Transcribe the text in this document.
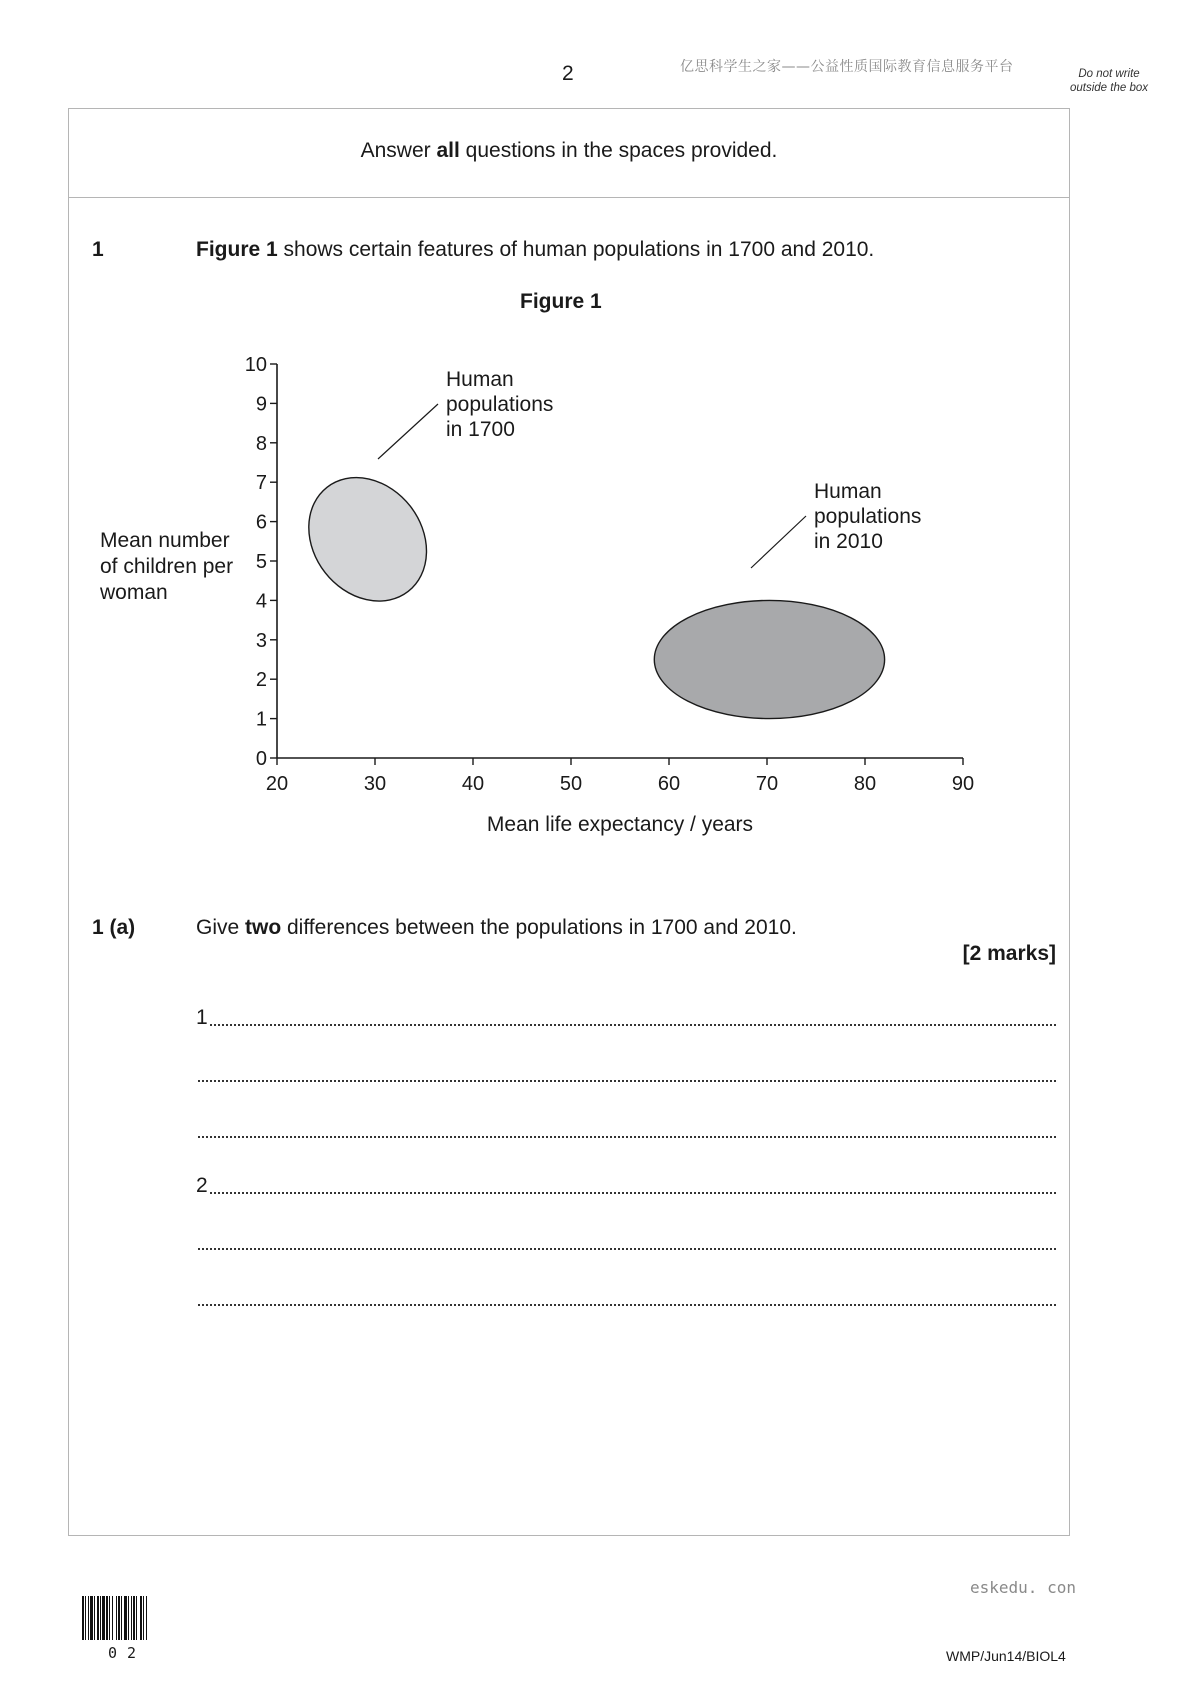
2	亿思科学生之家——公益性质国际教育信息服务平台	Do not write outside the box
Answer all questions in the spaces provided.
1	Figure 1 shows certain features of human populations in 1700 and 2010.
Figure 1
Mean number of children per woman
0
1
2
3
4
5
6
7
8
9
10
20	30	40	50	60	70	80	90
Mean life expectancy / years
Human
populations
in 1700
Human
populations
in 2010
1 (a)	Give two differences between the populations in 1700 and 2010.
[2 marks]
1
2
eskedu. con
02	WMP/Jun14/BIOL4
